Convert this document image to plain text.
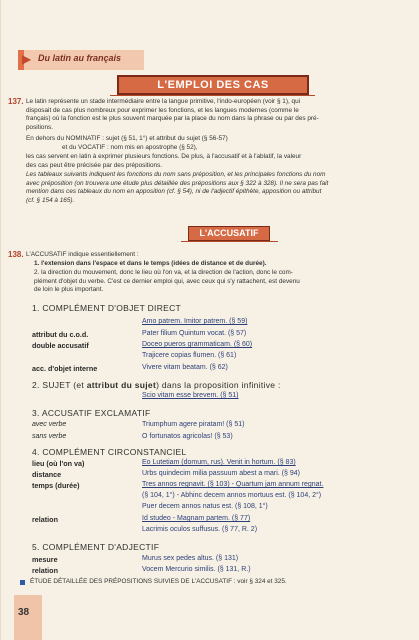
▶ Du latin au français
L'EMPLOI DES CAS
137. Le latin représente un stade intermédiaire entre la langue primitive, l'indo-européen (voir § 1), qui
disposait de cas plus nombreux pour exprimer les fonctions, et les langues modernes (comme le
français) où la fonction est le plus souvent marquée par la place du nom dans la phrase ou par des pré-
positions.
En dehors du NOMINATIF : sujet (§ 51, 1°) et attribut du sujet (§ 56-57)
et du VOCATIF : nom mis en apostrophe (§ 52),
les cas servent en latin à exprimer plusieurs fonctions. De plus, à l'accusatif et à l'ablatif, la valeur
des cas peut être précisée par des prépositions.
Les tableaux suivants indiquent les fonctions du nom sans préposition, et les principales fonctions du nom
avec préposition (on trouvera une étude plus détaillée des prépositions aux § 322 à 328). Il ne sera pas fait
mention dans ces tableaux du nom en apposition (cf. § 54), ni de l'adjectif épithète, apposition ou attribut
(cf. § 154 à 165).
L'ACCUSATIF
138. L'ACCUSATIF indique essentiellement :
1. l'extension dans l'espace et dans le temps (idées de distance et de durée).
2. la direction du mouvement, donc le lieu où l'on va, et la direction de l'action, donc le com-
plément d'objet du verbe. C'est ce dernier emploi qui, avec ceux qui s'y rattachent, est devenu
de loin le plus important.
1. COMPLÉMENT D'OBJET DIRECT
Amo patrem. Imitor patrem. (§ 59)
attribut du c.o.d.	Pater filium Quintum vocat. (§ 57)
double accusatif	Doceo pueros grammaticam. (§ 60)
Trajicere copias flumen. (§ 61)
acc. d'objet interne	Vivere vitam beatam. (§ 62)
2. SUJET (et attribut du sujet) dans la proposition infinitive :
Scio vitam esse brevem. (§ 51)
3. ACCUSATIF EXCLAMATIF
avec verbe	Triumphum agere piratam! (§ 51)
sans verbe	O fortunatos agricolas! (§ 53)
4. COMPLÉMENT CIRCONSTANCIEL
lieu (où l'on va)	Eo Lutetiam (domum, rus). Venit in hortum. (§ 83)
distance	Urbs quindecim milia passuum abest a mari. (§ 94)
temps (durée)	Tres annos regnavit. (§ 103) - Quartum jam annum regnat.
(§ 104, 1°) - Abhinc decem annos mortuus est. (§ 104, 2°)
Puer decem annos natus est. (§ 108, 1°)
relation	Id studeo - Magnam partem. (§ 77)
Lacrimis oculos suffusus. (§ 77, R. 2)
5. COMPLÉMENT D'ADJECTIF
mesure	Murus sex pedes altus. (§ 131)
relation	Vocem Mercurio similis. (§ 131, R.)
ÉTUDE DÉTAILLÉE DES PRÉPOSITIONS SUIVIES DE L'ACCUSATIF : voir § 324 et 325.
38
